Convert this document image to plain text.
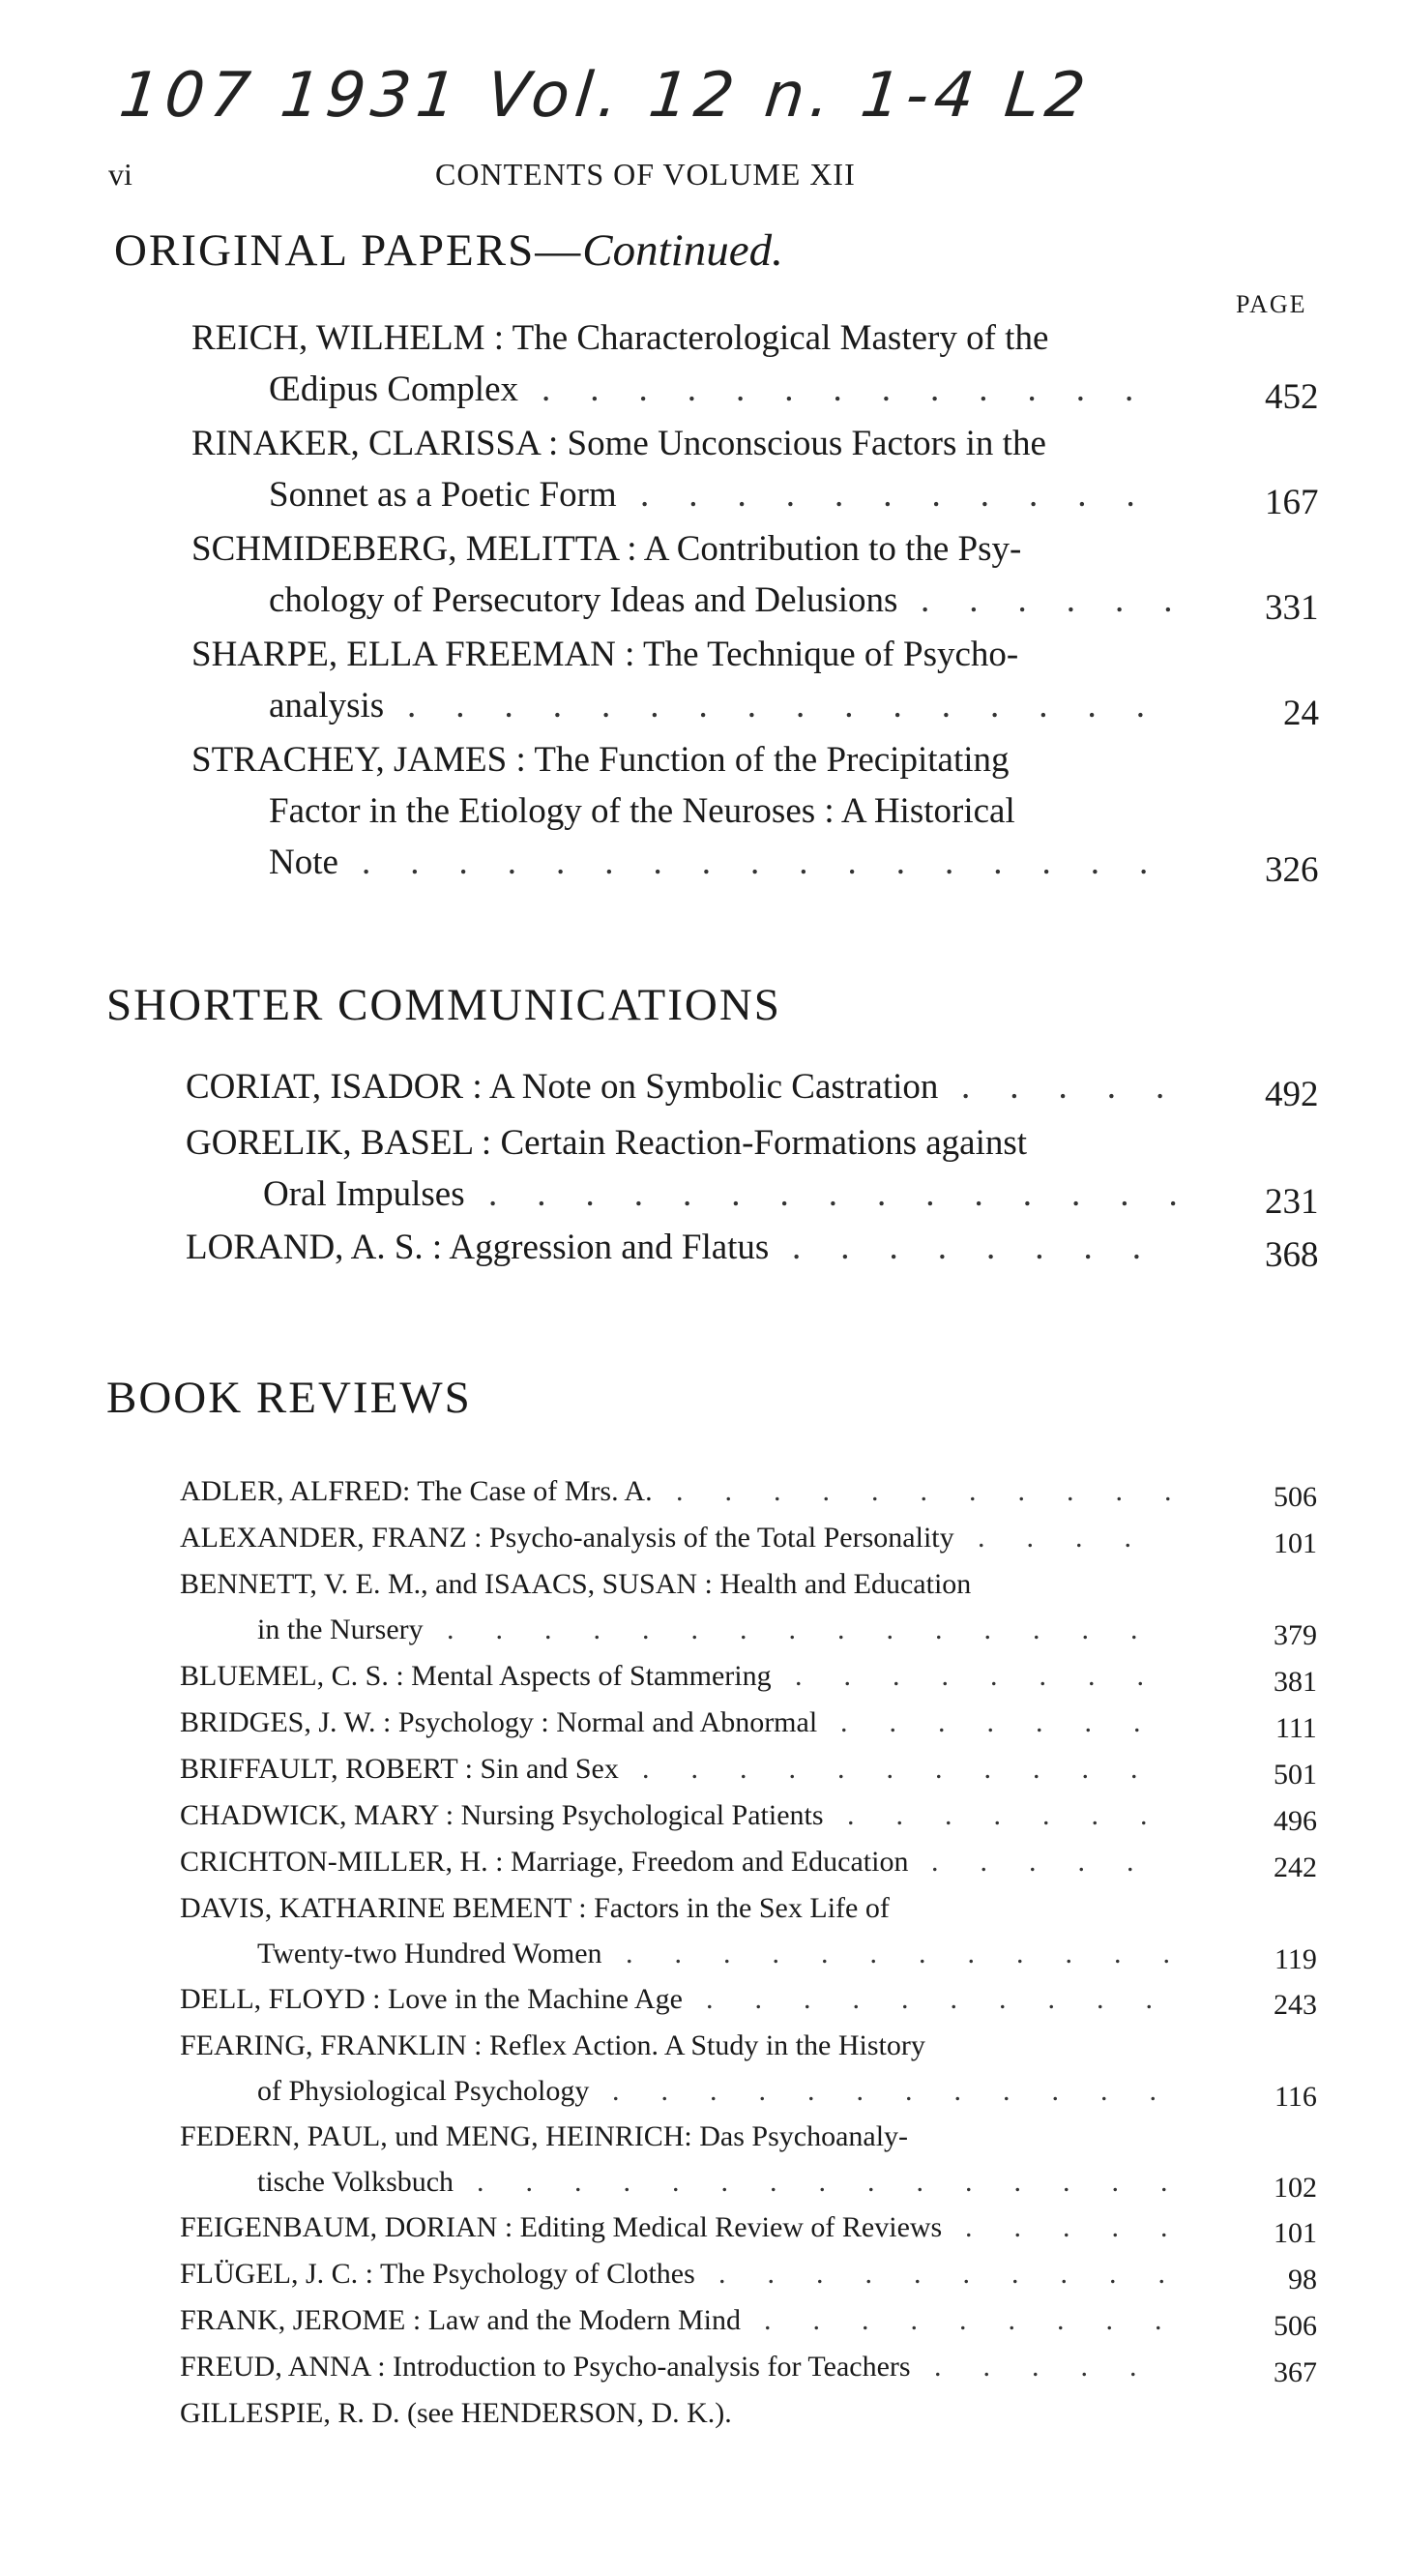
107 1931 Vol. 12 n. 1-4 L2
vi	CONTENTS OF VOLUME XII
ORIGINAL PAPERS—Continued.
PAGE
SHORTER COMMUNICATIONS
BOOK REVIEWS
REICH, WILHELM : The Characterological Mastery of the
Œdipus Complex	452
.............
RINAKER, CLARISSA : Some Unconscious Factors in the
Sonnet as a Poetic Form	167
...........
SCHMIDEBERG, MELITTA : A Contribution to the Psy-
chology of Persecutory Ideas and Delusions	331
......
SHARPE, ELLA FREEMAN : The Technique of Psycho-
analysis	24
................
STRACHEY, JAMES : The Function of the Precipitating
Factor in the Etiology of the Neuroses : A Historical
Note	326
.................
CORIAT, ISADOR : A Note on Symbolic Castration	492
.....
GORELIK, BASEL : Certain Reaction-Formations against
Oral Impulses	231
...............
LORAND, A. S. : Aggression and Flatus	368
........
ADLER, ALFRED: The Case of Mrs. A.	506
...........
ALEXANDER, FRANZ : Psycho-analysis of the Total Personality	101
....
BENNETT, V. E. M., and ISAACS, SUSAN : Health and Education
in the Nursery	379
...............
BLUEMEL, C. S. : Mental Aspects of Stammering	381
........
BRIDGES, J. W. : Psychology : Normal and Abnormal	111
.......
BRIFFAULT, ROBERT : Sin and Sex	501
...........
CHADWICK, MARY : Nursing Psychological Patients	496
.......
CRICHTON-MILLER, H. : Marriage, Freedom and Education	242
.....
DAVIS, KATHARINE BEMENT : Factors in the Sex Life of
Twenty-two Hundred Women	119
............
DELL, FLOYD : Love in the Machine Age	243
..........
FEARING, FRANKLIN : Reflex Action. A Study in the History
of Physiological Psychology	116
............
FEDERN, PAUL, und MENG, HEINRICH: Das Psychoanaly-
tische Volksbuch	102
...............
FEIGENBAUM, DORIAN : Editing Medical Review of Reviews	101
.....
FLÜGEL, J. C. : The Psychology of Clothes	98
..........
FRANK, JEROME : Law and the Modern Mind	506
.........
FREUD, ANNA : Introduction to Psycho-analysis for Teachers	367
.....
GILLESPIE, R. D. (see HENDERSON, D. K.).
